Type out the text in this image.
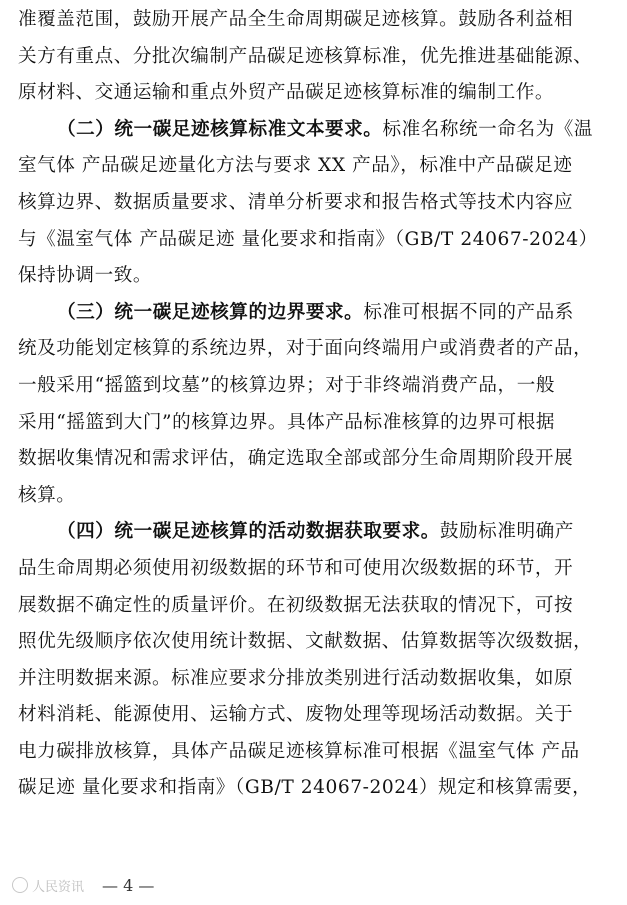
准覆盖范围，鼓励开展产品全生命周期碳足迹核算。鼓励各利益相
关方有重点、分批次编制产品碳足迹核算标准，优先推进基础能源、
原材料、交通运输和重点外贸产品碳足迹核算标准的编制工作。
（二）统一碳足迹核算标准文本要求。标准名称统一命名为《温
室气体 产品碳足迹量化方法与要求 XX 产品》，标准中产品碳足迹
核算边界、数据质量要求、清单分析要求和报告格式等技术内容应
与《温室气体 产品碳足迹 量化要求和指南》（GB/T 24067-2024）
保持协调一致。
（三）统一碳足迹核算的边界要求。标准可根据不同的产品系
统及功能划定核算的系统边界，对于面向终端用户或消费者的产品，
一般采用“摇篮到坟墓”的核算边界；对于非终端消费产品，一般
采用“摇篮到大门”的核算边界。具体产品标准核算的边界可根据
数据收集情况和需求评估，确定选取全部或部分生命周期阶段开展
核算。
（四）统一碳足迹核算的活动数据获取要求。鼓励标准明确产
品生命周期必须使用初级数据的环节和可使用次级数据的环节，开
展数据不确定性的质量评价。在初级数据无法获取的情况下，可按
照优先级顺序依次使用统计数据、文献数据、估算数据等次级数据，
并注明数据来源。标准应要求分排放类别进行活动数据收集，如原
材料消耗、能源使用、运输方式、废物处理等现场活动数据。关于
电力碳排放核算，具体产品碳足迹核算标准可根据《温室气体 产品
碳足迹 量化要求和指南》（GB/T 24067-2024）规定和核算需要，
人民资讯 — 4 —
